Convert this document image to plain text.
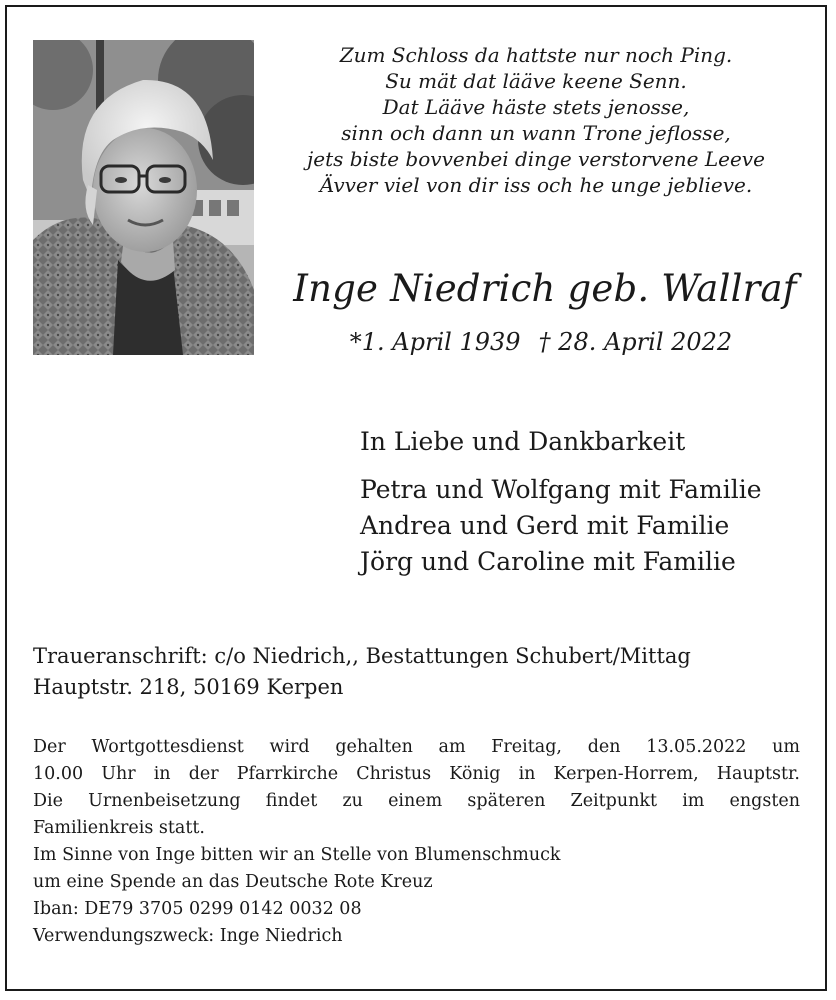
Zum Schloss da hattste nur noch Ping.
Su mät dat lääve keene Senn.
Dat Lääve häste stets jenosse,
sinn och dann un wann Trone jeflosse,
jets biste bovvenbei dinge verstorvene Leeve
Ävver viel von dir iss och he unge jeblieve.
Inge Niedrich geb. Wallraf
*1. April 1939 † 28. April 2022
In Liebe und Dankbarkeit
Petra und Wolfgang mit Familie
Andrea und Gerd mit Familie
Jörg und Caroline mit Familie
Traueranschrift: c/o Niedrich,, Bestattungen Schubert/Mittag
Hauptstr. 218, 50169 Kerpen
Der Wortgottesdienst wird gehalten am Freitag, den 13.05.2022 um
10.00 Uhr in der Pfarrkirche Christus König in Kerpen-Horrem, Hauptstr.
Die Urnenbeisetzung findet zu einem späteren Zeitpunkt im engsten
Familienkreis statt.
Im Sinne von Inge bitten wir an Stelle von Blumenschmuck
um eine Spende an das Deutsche Rote Kreuz
Iban: DE79 3705 0299 0142 0032 08
Verwendungszweck: Inge Niedrich
